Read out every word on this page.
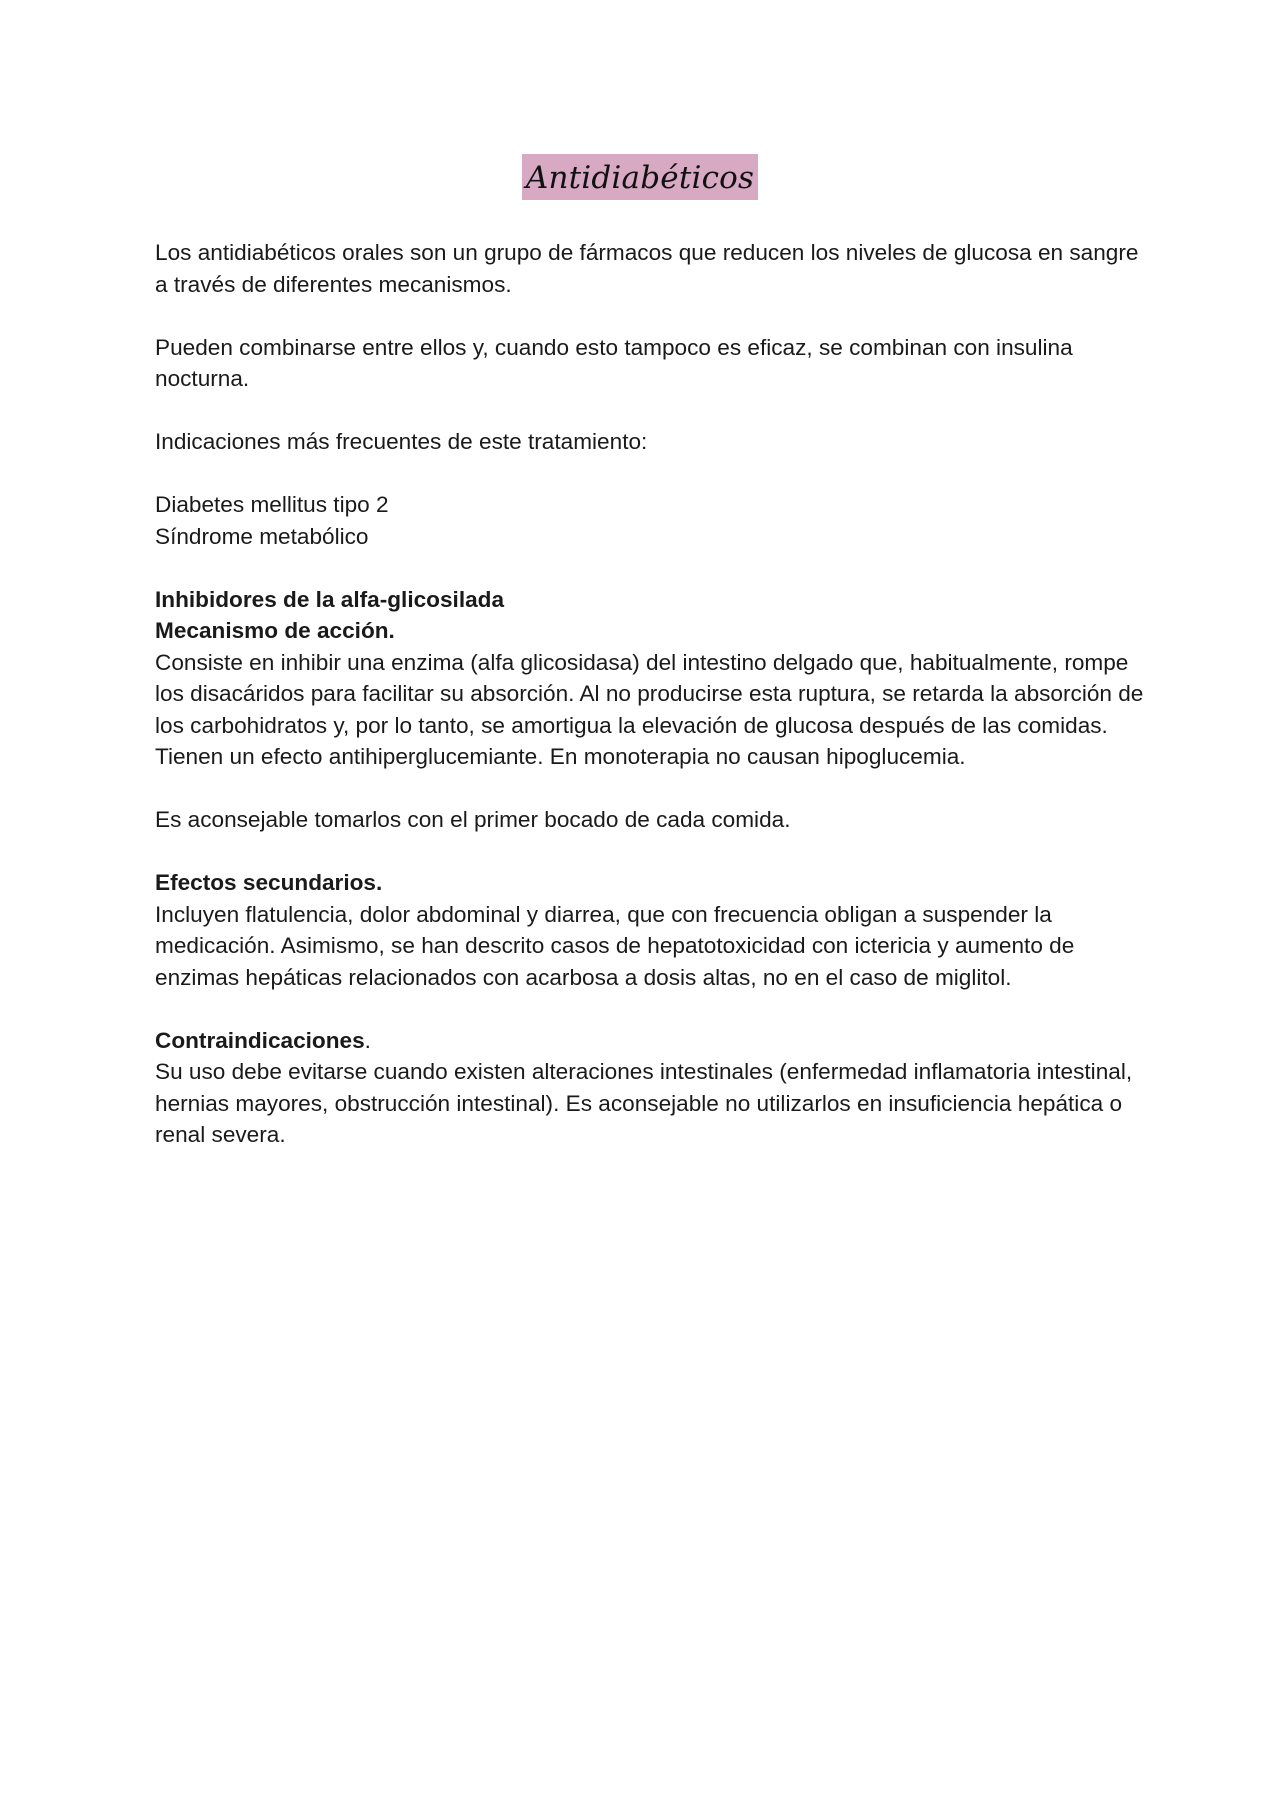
Antidiabéticos

Los antidiabéticos orales son un grupo de fármacos que reducen los niveles de glucosa en sangre a través de diferentes mecanismos.

Pueden combinarse entre ellos y, cuando esto tampoco es eficaz, se combinan con insulina nocturna.

Indicaciones más frecuentes de este tratamiento:

Diabetes mellitus tipo 2

Síndrome metabólico

Inhibidores de la alfa-glicosilada

Mecanismo de acción.

Consiste en inhibir una enzima (alfa glicosidasa) del intestino delgado que, habitualmente, rompe los disacáridos para facilitar su absorción. Al no producirse esta ruptura, se retarda la absorción de los carbohidratos y, por lo tanto, se amortigua la elevación de glucosa después de las comidas. Tienen un efecto antihiperglucemiante. En monoterapia no causan hipoglucemia.

Es aconsejable tomarlos con el primer bocado de cada comida.

Efectos secundarios.

Incluyen flatulencia, dolor abdominal y diarrea, que con frecuencia obligan a suspender la medicación. Asimismo, se han descrito casos de hepatotoxicidad con ictericia y aumento de enzimas hepáticas relacionados con acarbosa a dosis altas, no en el caso de miglitol.

Contraindicaciones.

Su uso debe evitarse cuando existen alteraciones intestinales (enfermedad inflamatoria intestinal, hernias mayores, obstrucción intestinal). Es aconsejable no utilizarlos en insuficiencia hepática o renal severa.
